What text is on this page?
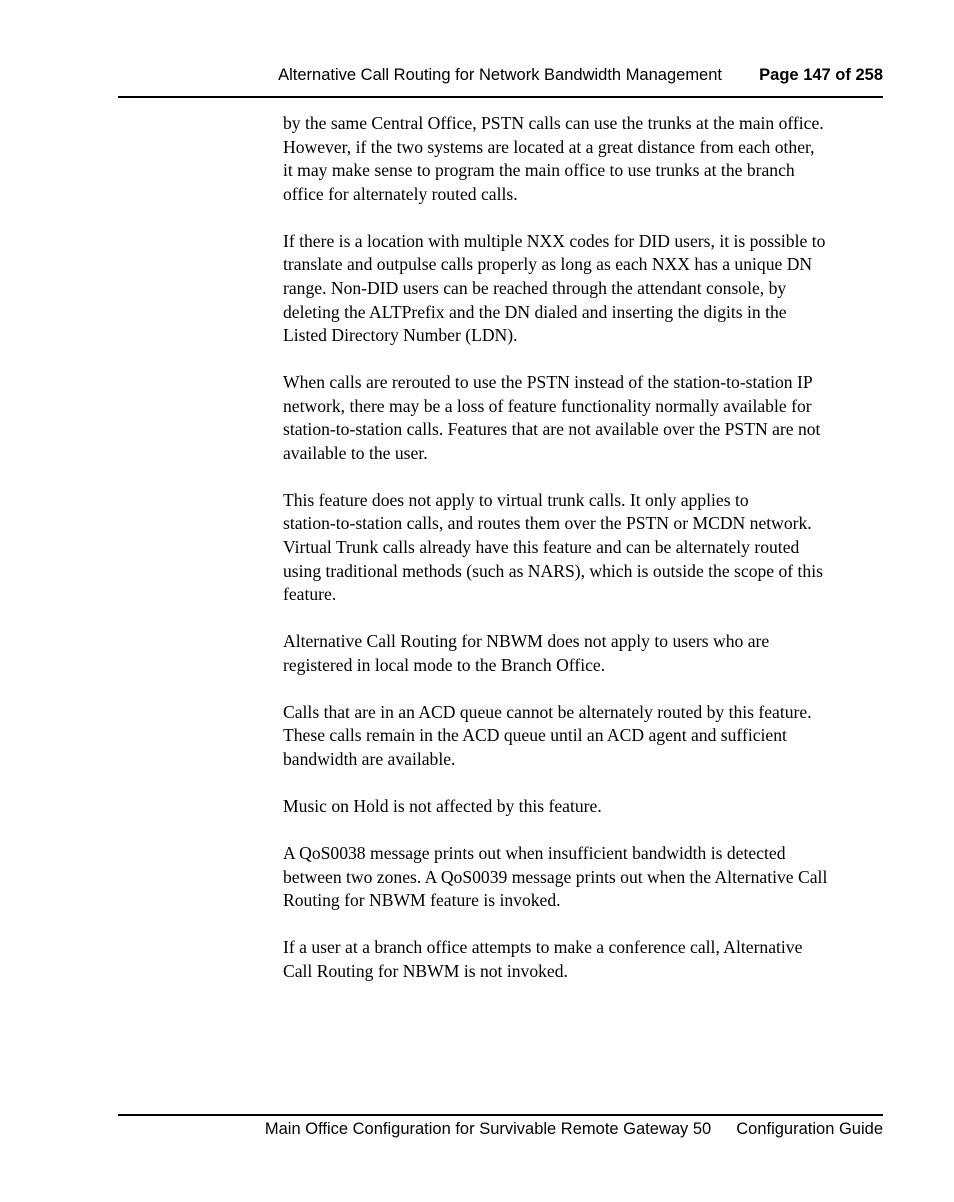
Alternative Call Routing for Network Bandwidth Management Page 147 of 258

by the same Central Office, PSTN calls can use the trunks at the main office.
However, if the two systems are located at a great distance from each other,
it may make sense to program the main office to use trunks at the branch
office for alternately routed calls.

If there is a location with multiple NXX codes for DID users, it is possible to
translate and outpulse calls properly as long as each NXX has a unique DN
range. Non-DID users can be reached through the attendant console, by
deleting the ALTPrefix and the DN dialed and inserting the digits in the
Listed Directory Number (LDN).

When calls are rerouted to use the PSTN instead of the station-to-station IP
network, there may be a loss of feature functionality normally available for
station-to-station calls. Features that are not available over the PSTN are not
available to the user.

This feature does not apply to virtual trunk calls. It only applies to
station-to-station calls, and routes them over the PSTN or MCDN network.
Virtual Trunk calls already have this feature and can be alternately routed
using traditional methods (such as NARS), which is outside the scope of this
feature.

Alternative Call Routing for NBWM does not apply to users who are
registered in local mode to the Branch Office.

Calls that are in an ACD queue cannot be alternately routed by this feature.
These calls remain in the ACD queue until an ACD agent and sufficient
bandwidth are available.

Music on Hold is not affected by this feature.

A QoS0038 message prints out when insufficient bandwidth is detected
between two zones. A QoS0039 message prints out when the Alternative Call
Routing for NBWM feature is invoked.

If a user at a branch office attempts to make a conference call, Alternative
Call Routing for NBWM is not invoked.

Main Office Configuration for Survivable Remote Gateway 50 Configuration Guide
